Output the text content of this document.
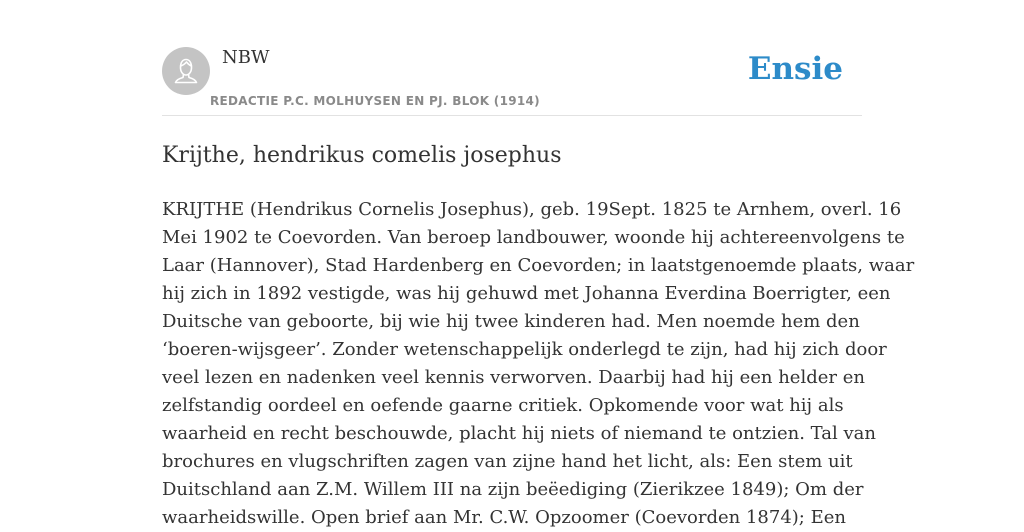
NBW
REDACTIE P.C. MOLHUYSEN EN PJ. BLOK (1914)
Ensie
Krijthe, hendrikus comelis josephus
KRIJTHE (Hendrikus Cornelis Josephus), geb. 19Sept. 1825 te Arnhem, overl. 16
Mei 1902 te Coevorden. Van beroep landbouwer, woonde hij achtereenvolgens te
Laar (Hannover), Stad Hardenberg en Coevorden; in laatstgenoemde plaats, waar
hij zich in 1892 vestigde, was hij gehuwd met Johanna Everdina Boerrigter, een
Duitsche van geboorte, bij wie hij twee kinderen had. Men noemde hem den
‘boeren-wijsgeer’. Zonder wetenschappelijk onderlegd te zijn, had hij zich door
veel lezen en nadenken veel kennis verworven. Daarbij had hij een helder en
zelfstandig oordeel en oefende gaarne critiek. Opkomende voor wat hij als
waarheid en recht beschouwde, placht hij niets of niemand te ontzien. Tal van
brochures en vlugschriften zagen van zijne hand het licht, als: Een stem uit
Duitschland aan Z.M. Willem III na zijn beëediging (Zierikzee 1849); Om der
waarheidswille. Open brief aan Mr. C.W. Opzoomer (Coevorden 1874); Een
